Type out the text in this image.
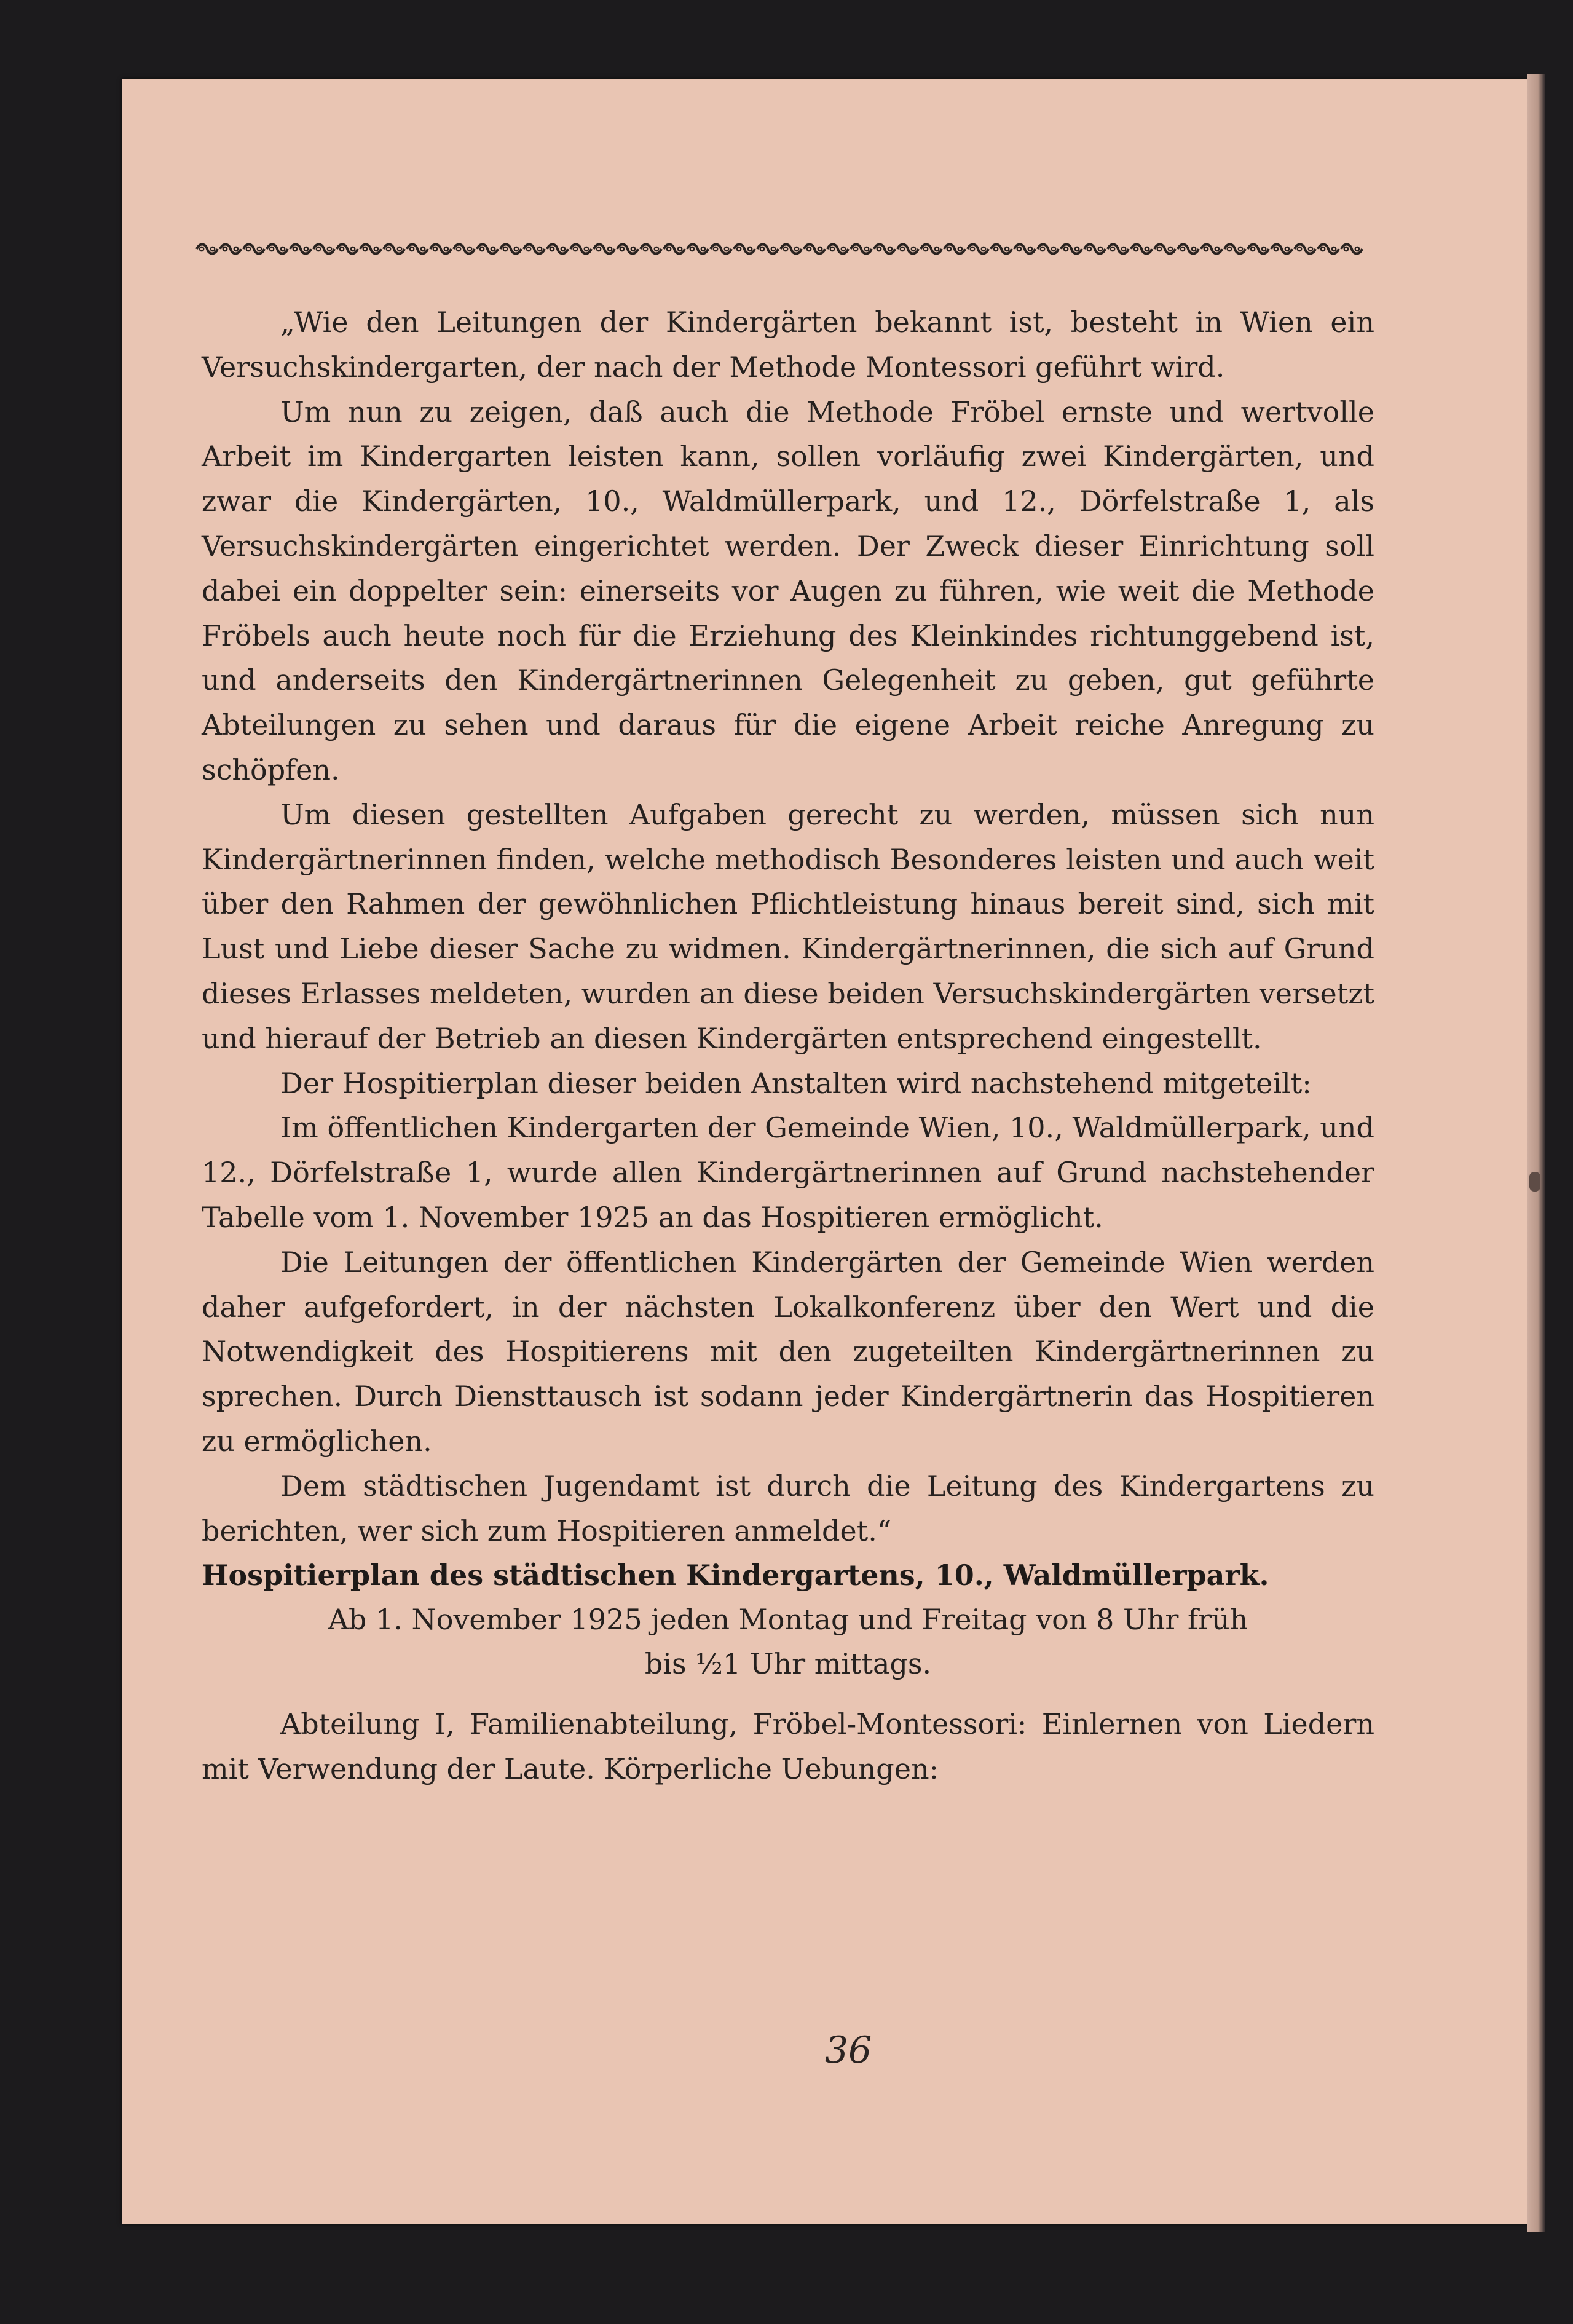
„Wie den Leitungen der Kindergärten bekannt ist, besteht in Wien ein Versuchskindergarten, der nach der Methode Montessori geführt wird.

Um nun zu zeigen, daß auch die Methode Fröbel ernste und wertvolle Arbeit im Kindergarten leisten kann, sollen vorläufig zwei Kindergärten, und zwar die Kindergärten, 10., Waldmüllerpark, und 12., Dörfelstraße 1, als Versuchskindergärten eingerichtet werden. Der Zweck dieser Einrichtung soll dabei ein doppelter sein: einerseits vor Augen zu führen, wie weit die Methode Fröbels auch heute noch für die Erziehung des Kleinkindes richtunggebend ist, und anderseits den Kindergärtnerinnen Gelegenheit zu geben, gut geführte Abteilungen zu sehen und daraus für die eigene Arbeit reiche Anregung zu schöpfen.

Um diesen gestellten Aufgaben gerecht zu werden, müssen sich nun Kindergärtnerinnen finden, welche methodisch Besonderes leisten und auch weit über den Rahmen der gewöhnlichen Pflichtleistung hinaus bereit sind, sich mit Lust und Liebe dieser Sache zu widmen. Kindergärtnerinnen, die sich auf Grund dieses Erlasses meldeten, wurden an diese beiden Versuchskindergärten versetzt und hierauf der Betrieb an diesen Kindergärten entsprechend eingestellt.

Der Hospitierplan dieser beiden Anstalten wird nachstehend mitgeteilt:

Im öffentlichen Kindergarten der Gemeinde Wien, 10., Waldmüllerpark, und 12., Dörfelstraße 1, wurde allen Kindergärtnerinnen auf Grund nachstehender Tabelle vom 1. November 1925 an das Hospitieren ermöglicht.

Die Leitungen der öffentlichen Kindergärten der Gemeinde Wien werden daher aufgefordert, in der nächsten Lokalkonferenz über den Wert und die Notwendigkeit des Hospitierens mit den zugeteilten Kindergärtnerinnen zu sprechen. Durch Diensttausch ist sodann jeder Kindergärtnerin das Hospitieren zu ermöglichen.

Dem städtischen Jugendamt ist durch die Leitung des Kindergartens zu berichten, wer sich zum Hospitieren anmeldet.“

Hospitierplan des städtischen Kindergartens, 10., Waldmüllerpark.

Ab 1. November 1925 jeden Montag und Freitag von 8 Uhr früh

bis ½1 Uhr mittags.

Abteilung I, Familienabteilung, Fröbel-Montessori: Einlernen von Liedern mit Verwendung der Laute. Körperliche Uebungen:

36
